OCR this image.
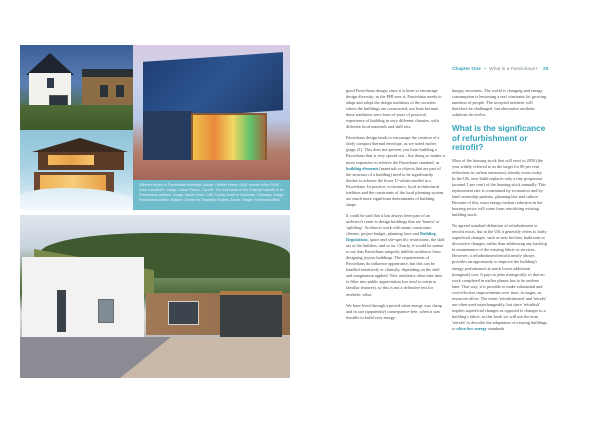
Different styles of Passivhaus buildings. Above: Ruffner Home, USA, winner of the 2009 Solar Decathlon. Image: Jason Flakes. Top left: The first home in the Channel Islands to be Passivhaus certified. Image: David Hatch. Left: Family home in Chemnitz, Germany. Image: Passivhaus Institut. Bottom: Centre for Disability Studies, Essex. Image: Simmonds.Mills
Chapter One • What is a Passivhaus? 25

good Passivhaus design, since it is keen to encourage design diversity: as the PHI sees it, Passivhaus needs to adapt and adopt the design traditions of the societies where the buildings are constructed, not least because these traditions were born of years of practical experience of building in very different climates, with different local materials and skill sets.

Passivhaus design tends to encourage the creation of a fairly compact thermal envelope, as we noted earlier (page 21). This does not prevent you from building a Passivhaus that is very spread out – but doing so makes it more expensive to achieve the Passivhaus standard, as building elements (materials or objects that are part of the structure of a building) need to be significantly thicker to achieve the lower U-values needed in a Passivhaus. In practice, economics, local architectural tradition and the constraints of the local planning system are much more significant determinants of building shape.

It could be said that it has always been part of an architect's remit to design buildings that are 'honest' or 'uplifting'. Architects work with many constraints: climate, project budget, planning laws and Building Regulations, space and site-specific restrictions, the skill set of the builders, and so on. Clearly, it would be untrue to say that Passivhaus uniquely inhibits architects from designing joyous buildings. The requirements of Passivhaus do influence appearance, but this can be handled sensitively or clumsily, depending on the skill and imagination applied. New aesthetics often take time to filter into public appreciation (we tend to warm to familiar features), so this is not a definitive test for aesthetic value.

We have lived through a period when energy was cheap and its use (apparently) consequence-free, when it was feasible to build very energy-

hungry structures. The world is changing and energy consumption is becoming a real constraint for growing numbers of people. The accepted aesthetic will therefore be challenged, but alternative aesthetic solutions do evolve.

What is the significance of refurbishment or retrofit?

Most of the housing stock that will exist in 2050 (the year widely referred to as the target for 80 per cent reductions in carbon emissions) already exists today. In the UK, new build replaces only a tiny proportion (around 1 per cent) of the housing stock annually. This replacement rate is constrained by economics and by land ownership patterns, planning law and culture. Because of this, most energy/carbon reduction in the housing sector will come from retrofitting existing building stock.

No agreed standard definition of refurbishment or retrofit exists, but in the UK it generally refers to fairly superficial changes, such as new kitchen, bathroom or decorative changes, rather than addressing any backlog in maintenance of the existing fabric or services. However, a refurbishment/retrofit nearly always provides an opportunity to improve the building's energy performance at much lower additional (marginal) cost. It pays to plan strategically so that no work completed in earlier phases has to be undone later. That way, it is possible to make substantial and cost-effective improvements over time, in stages, as resources allow. The terms 'refurbishment' and 'retrofit' are often used interchangeably, but since 'refurbish' implies superficial changes as opposed to changes to a building's fabric, in this book we will use the term 'retrofit' to describe the adaptation of existing buildings to ultra-low energy standards.
